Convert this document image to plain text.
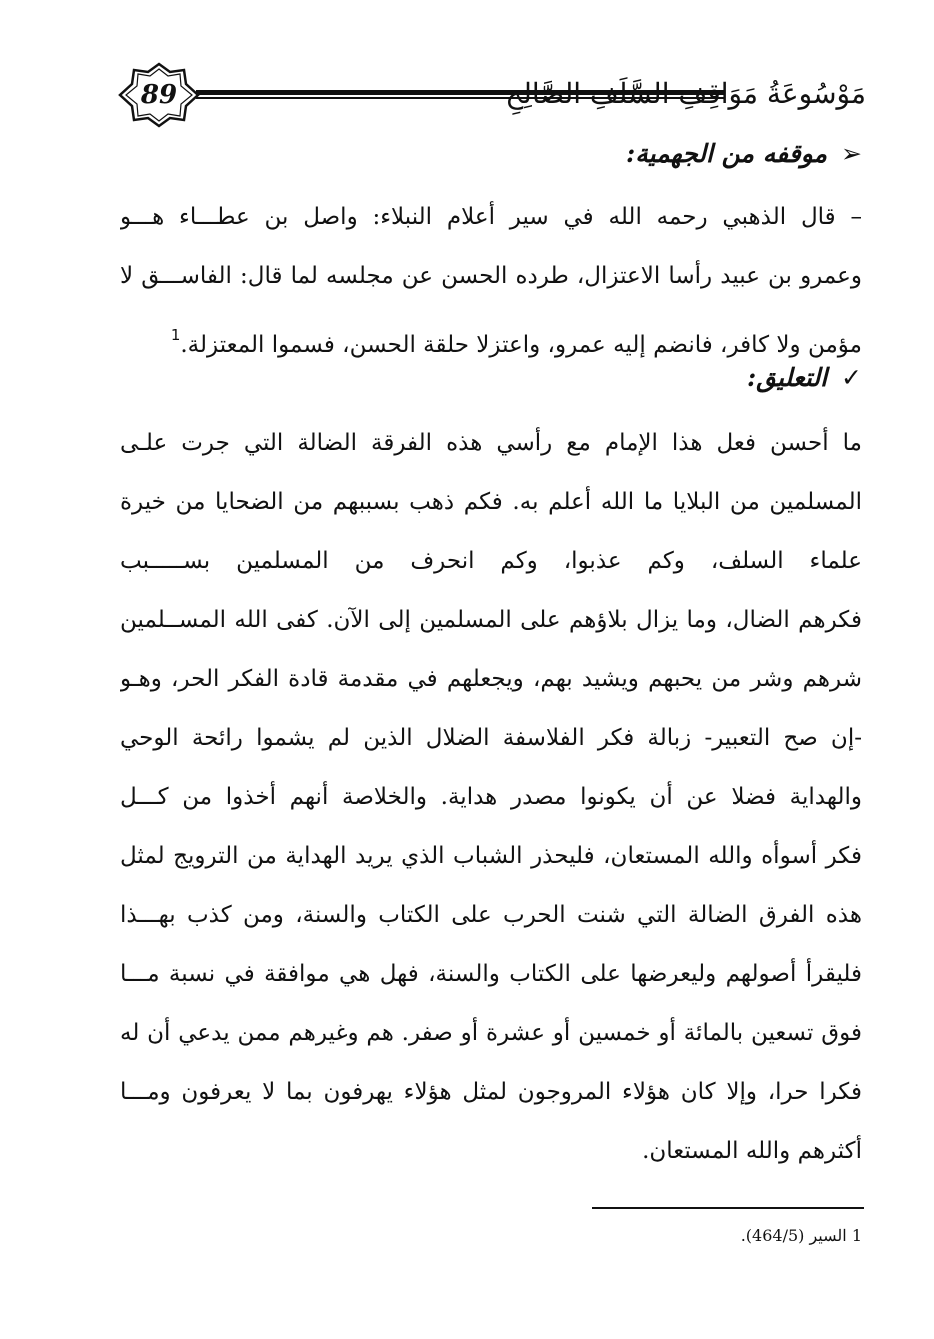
89	مَوْسُوعَةُ مَوَاقِفِ السَّلَفِ الصَّالِحِ
➢موقفه من الجهمية:
– قال الذهبي رحمه الله في سير أعلام النبلاء: واصل بن عطـــاء هـــو
وعمرو بن عبيد رأسا الاعتزال، طرده الحسن عن مجلسه لما قال: الفاســـق لا
مؤمن ولا كافر، فانضم إليه عمرو، واعتزلا حلقة الحسن، فسموا المعتزلة.$^1$
✓التعليق:
ما أحسن فعل هذا الإمام مع رأسي هذه الفرقة الضالة التي جرت علـى
المسلمين من البلايا ما الله أعلم به. فكم ذهب بسببهم من الضحايا من خيرة
علماء السلف، وكم عذبوا، وكم انحرف من المسلمين بســـــبب
فكرهم الضال، وما يزال بلاؤهم على المسلمين إلى الآن. كفى الله المســلمين
شرهم وشر من يحبهم ويشيد بهم، ويجعلهم في مقدمة قادة الفكر الحر، وهـو
-إن صح التعبير- زبالة فكر الفلاسفة الضلال الذين لم يشموا رائحة الوحي
والهداية فضلا عن أن يكونوا مصدر هداية. والخلاصة أنهم أخذوا من كـــل
فكر أسوأه والله المستعان، فليحذر الشباب الذي يريد الهداية من الترويج لمثل
هذه الفرق الضالة التي شنت الحرب على الكتاب والسنة، ومن كذب بهـــذا
فليقرأ أصولهم وليعرضها على الكتاب والسنة، فهل هي موافقة في نسبة مـــا
فوق تسعين بالمائة أو خمسين أو عشرة أو صفر. هم وغيرهم ممن يدعي أن له
فكرا حرا، وإلا كان هؤلاء المروجون لمثل هؤلاء يهرفون بما لا يعرفون ومـــا
أكثرهم والله المستعان.
1 السير (464/5).
